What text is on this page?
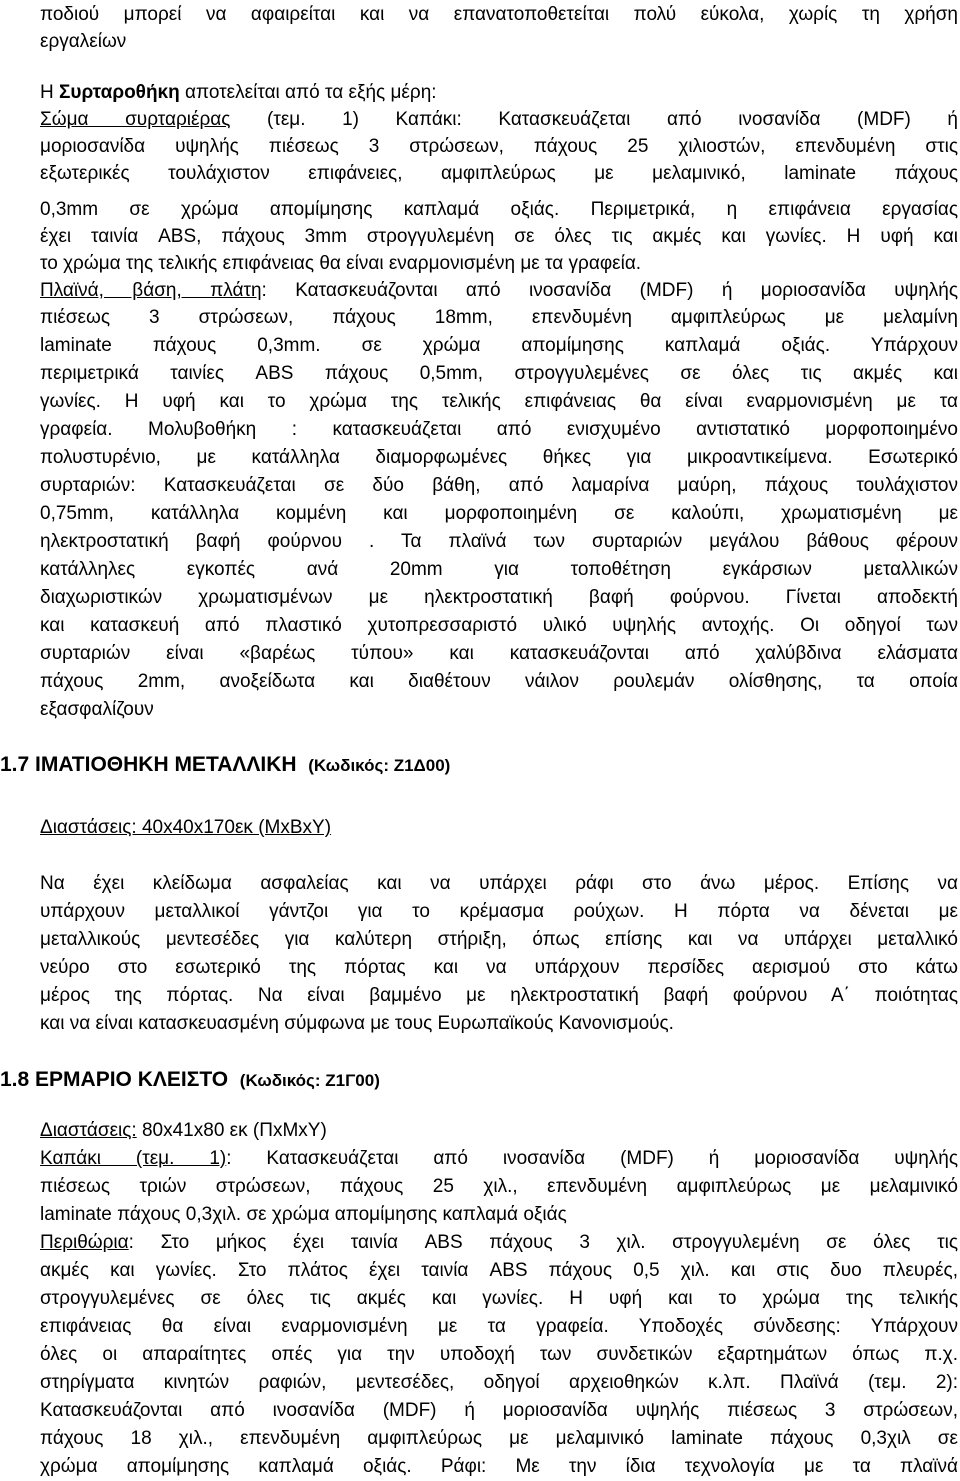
ποδιού μπορεί να αφαιρείται και να επανατοποθετείται πολύ εύκολα, χωρίς τη χρήση
εργαλείων
Η Συρταροθήκη αποτελείται από τα εξής μέρη:
Σώμα συρταριέρας (τεμ. 1) Καπάκι: Κατασκευάζεται από ινοσανίδα (MDF) ή
μοριοσανίδα υψηλής πιέσεως 3 στρώσεων, πάχους 25 χιλιοστών, επενδυμένη στις
εξωτερικές τουλάχιστον επιφάνειες, αμφιπλεύρως με μελαμινικό, laminate πάχους
0,3mm σε χρώμα απομίμησης καπλαμά οξιάς. Περιμετρικά, η επιφάνεια εργασίας
έχει ταινία ABS, πάχους 3mm στρογγυλεμένη σε όλες τις ακμές και γωνίες. Η υφή και
το χρώμα της τελικής επιφάνειας θα είναι εναρμονισμένη με τα γραφεία.
Πλαϊνά, βάση, πλάτη: Κατασκευάζονται από ινοσανίδα (MDF) ή μοριοσανίδα υψηλής
πιέσεως 3 στρώσεων, πάχους 18mm, επενδυμένη αμφιπλεύρως με μελαμίνη
laminate πάχους 0,3mm. σε χρώμα απομίμησης καπλαμά οξιάς. Υπάρχουν
περιμετρικά ταινίες ABS πάχους 0,5mm, στρογγυλεμένες σε όλες τις ακμές και
γωνίες. Η υφή και το χρώμα της τελικής επιφάνειας θα είναι εναρμονισμένη με τα
γραφεία. Μολυβοθήκη : κατασκευάζεται από ενισχυμένο αντιστατικό μορφοποιημένο
πολυστυρένιο, με κατάλληλα διαμορφωμένες θήκες για μικροαντικείμενα. Εσωτερικό
συρταριών: Κατασκευάζεται σε δύο βάθη, από λαμαρίνα μαύρη, πάχους τουλάχιστον
0,75mm, κατάλληλα κομμένη και μορφοποιημένη σε καλούπι, χρωματισμένη με
ηλεκτροστατική βαφή φούρνου . Τα πλαϊνά των συρταριών μεγάλου βάθους φέρουν
κατάλληλες εγκοπές ανά 20mm για τοποθέτηση εγκάρσιων μεταλλικών
διαχωριστικών χρωματισμένων με ηλεκτροστατική βαφή φούρνου. Γίνεται αποδεκτή
και κατασκευή από πλαστικό χυτοπρεσσαριστό υλικό υψηλής αντοχής. Οι οδηγοί των
συρταριών είναι «βαρέως τύπου» και κατασκευάζονται από χαλύβδινα ελάσματα
πάχους 2mm, ανοξείδωτα και διαθέτουν νάιλον ρουλεμάν ολίσθησης, τα οποία
εξασφαλίζουν
1.7 ΙΜΑΤΙΟΘΗΚΗ ΜΕΤΑΛΛΙΚΗ (Κωδικός: Ζ1Δ00)
Διαστάσεις: 40x40x170εκ (ΜxΒxΥ)
Να έχει κλείδωμα ασφαλείας και να υπάρχει ράφι στο άνω μέρος. Επίσης να
υπάρχουν μεταλλικοί γάντζοι για το κρέμασμα ρούχων. Η πόρτα να δένεται με
μεταλλικούς μεντεσέδες για καλύτερη στήριξη, όπως επίσης και να υπάρχει μεταλλικό
νεύρο στο εσωτερικό της πόρτας και να υπάρχουν περσίδες αερισμού στο κάτω
μέρος της πόρτας. Να είναι βαμμένο με ηλεκτροστατική βαφή φούρνου Α΄ ποιότητας
και να είναι κατασκευασμένη σύμφωνα με τους Ευρωπαϊκούς Κανονισμούς.
1.8 ΕΡΜΑΡΙΟ ΚΛΕΙΣΤΟ (Κωδικός: Ζ1Γ00)
Διαστάσεις: 80x41x80 εκ (ΠxΜxΥ)
Καπάκι (τεμ. 1): Κατασκευάζεται από ινοσανίδα (MDF) ή μοριοσανίδα υψηλής
πιέσεως τριών στρώσεων, πάχους 25 χιλ., επενδυμένη αμφιπλεύρως με μελαμινικό
laminate πάχους 0,3χιλ. σε χρώμα απομίμησης καπλαμά οξιάς
Περιθώρια: Στο μήκος έχει ταινία ABS πάχους 3 χιλ. στρογγυλεμένη σε όλες τις
ακμές και γωνίες. Στο πλάτος έχει ταινία ABS πάχους 0,5 χιλ. και στις δυο πλευρές,
στρογγυλεμένες σε όλες τις ακμές και γωνίες. Η υφή και το χρώμα της τελικής
επιφάνειας θα είναι εναρμονισμένη με τα γραφεία. Υποδοχές σύνδεσης: Υπάρχουν
όλες οι απαραίτητες οπές για την υποδοχή των συνδετικών εξαρτημάτων όπως π.χ.
στηρίγματα κινητών ραφιών, μεντεσέδες, οδηγοί αρχειοθηκών κ.λπ. Πλαϊνά (τεμ. 2):
Κατασκευάζονται από ινοσανίδα (MDF) ή μοριοσανίδα υψηλής πιέσεως 3 στρώσεων,
πάχους 18 χιλ., επενδυμένη αμφιπλεύρως με μελαμινικό laminate πάχους 0,3χιλ σε
χρώμα απομίμησης καπλαμά οξιάς. Ράφι: Με την ίδια τεχνολογία με τα πλαϊνά
